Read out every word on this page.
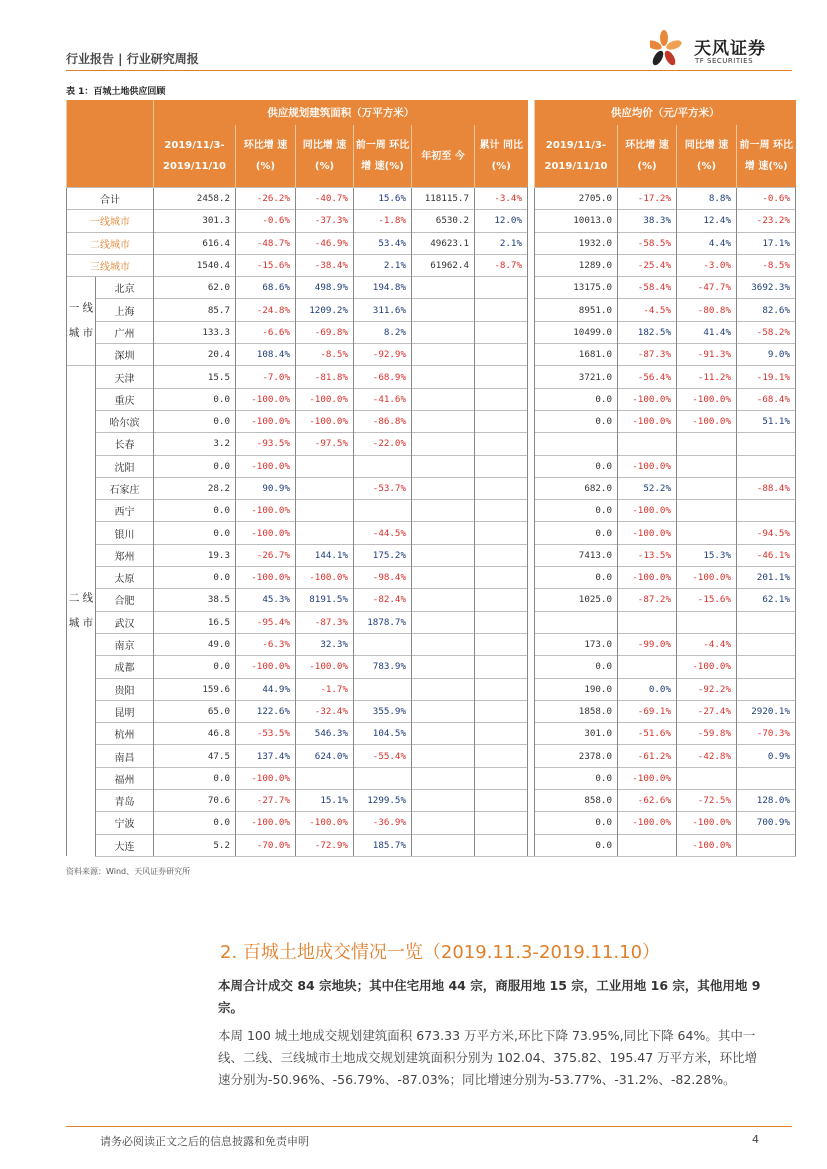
行业报告 | 行业研究周报	天风证券
TF SECURITIES
表 1：百城土地供应回顾
		供应规划建筑面积（万平方米）							供应均价（元/平方米）			
		2019/11/3- 2019/11/10	环比增 速(%)	同比增 速(%)	前一周 环比增 速(%)	年初至 今	累计 同比 (%)		2019/11/3- 2019/11/10	环比增 速(%)	同比增 速(%)	前一周 环比增 速(%)
合计		2458.2	-26.2%	-40.7%	15.6%	118115.7	-3.4%		2705.0	-17.2%	8.8%	-0.6%
一线城市		301.3	-0.6%	-37.3%	-1.8%	6530.2	12.0%		10013.0	38.3%	12.4%	-23.2%
二线城市		616.4	-48.7%	-46.9%	53.4%	49623.1	2.1%		1932.0	-58.5%	4.4%	17.1%
三线城市		1540.4	-15.6%	-38.4%	2.1%	61962.4	-8.7%		1289.0	-25.4%	-3.0%	-8.5%
一 线 城 市	北京	62.0	68.6%	498.9%	194.8%				13175.0	-58.4%	-47.7%	3692.3%
	上海	85.7	-24.8%	1209.2%	311.6%				8951.0	-4.5%	-80.8%	82.6%
	广州	133.3	-6.6%	-69.8%	8.2%				10499.0	182.5%	41.4%	-58.2%
	深圳	20.4	108.4%	-8.5%	-92.9%				1681.0	-87.3%	-91.3%	9.0%
二 线 城 市	天津	15.5	-7.0%	-81.8%	-68.9%				3721.0	-56.4%	-11.2%	-19.1%
	重庆	0.0	-100.0%	-100.0%	-41.6%				0.0	-100.0%	-100.0%	-68.4%
	哈尔滨	0.0	-100.0%	-100.0%	-86.8%				0.0	-100.0%	-100.0%	51.1%
	长春	3.2	-93.5%	-97.5%	-22.0%							
	沈阳	0.0	-100.0%						0.0	-100.0%		
	石家庄	28.2	90.9%		-53.7%				682.0	52.2%		-88.4%
	西宁	0.0	-100.0%						0.0	-100.0%		
	银川	0.0	-100.0%		-44.5%				0.0	-100.0%		-94.5%
	郑州	19.3	-26.7%	144.1%	175.2%				7413.0	-13.5%	15.3%	-46.1%
	太原	0.0	-100.0%	-100.0%	-98.4%				0.0	-100.0%	-100.0%	201.1%
	合肥	38.5	45.3%	8191.5%	-82.4%				1025.0	-87.2%	-15.6%	62.1%
	武汉	16.5	-95.4%	-87.3%	1878.7%							
	南京	49.0	-6.3%	32.3%					173.0	-99.0%	-4.4%	
	成都	0.0	-100.0%	-100.0%	783.9%				0.0		-100.0%	
	贵阳	159.6	44.9%	-1.7%					190.0	0.0%	-92.2%	
	昆明	65.0	122.6%	-32.4%	355.9%				1858.0	-69.1%	-27.4%	2920.1%
	杭州	46.8	-53.5%	546.3%	104.5%				301.0	-51.6%	-59.8%	-70.3%
	南昌	47.5	137.4%	624.0%	-55.4%				2378.0	-61.2%	-42.8%	0.9%
	福州	0.0	-100.0%						0.0	-100.0%		
	青岛	70.6	-27.7%	15.1%	1299.5%				858.0	-62.6%	-72.5%	128.0%
	宁波	0.0	-100.0%	-100.0%	-36.9%				0.0	-100.0%	-100.0%	700.9%
	大连	5.2	-70.0%	-72.9%	185.7%				0.0		-100.0%	
资料来源：Wind、天风证券研究所
2. 百城土地成交情况一览（2019.11.3-2019.11.10）
本周合计成交 84 宗地块；其中住宅用地 44 宗，商服用地 15 宗，工业用地 16 宗，其他用地 9 宗。
本周 100 城土地成交规划建筑面积 673.33 万平方米,环比下降 73.95%,同比下降 64%。其中一线、二线、三线城市土地成交规划建筑面积分别为 102.04、375.82、195.47 万平方米，环比增速分别为-50.96%、-56.79%、-87.03%；同比增速分别为-53.77%、-31.2%、-82.28%。
请务必阅读正文之后的信息披露和免责申明	4
